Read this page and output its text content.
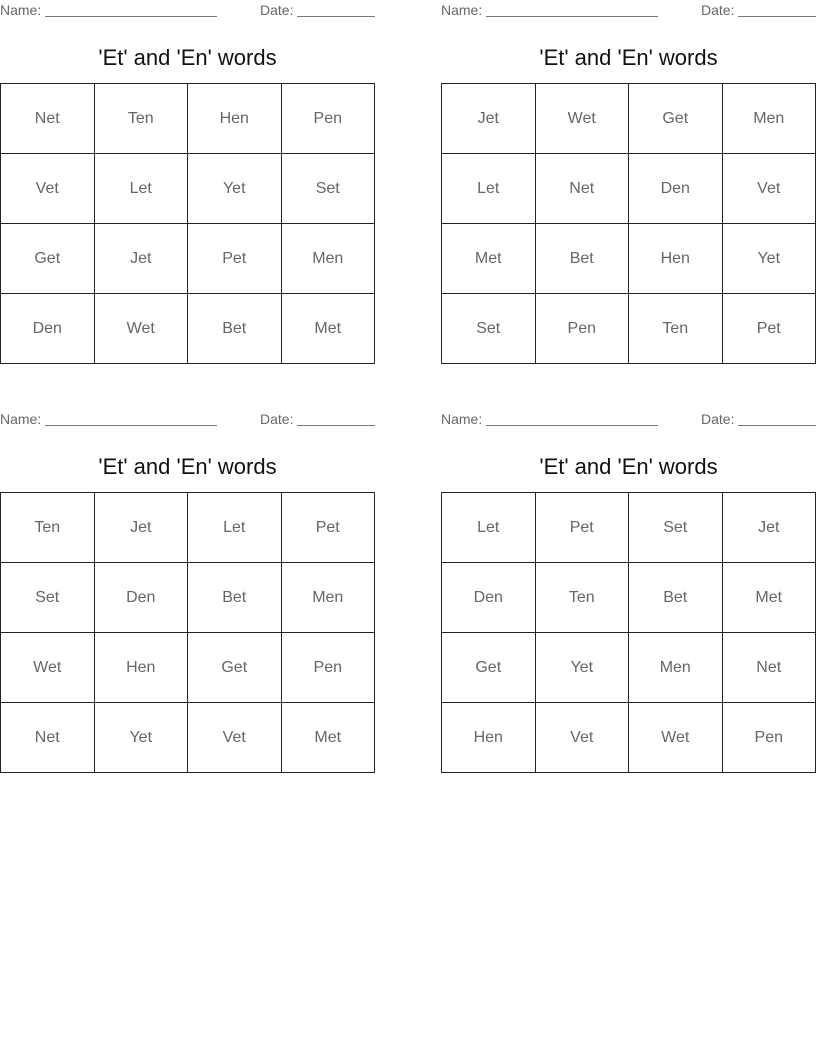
Name:	Date:
'Et' and 'En' words
Net	Ten	Hen	Pen
Vet	Let	Yet	Set
Get	Jet	Pet	Men
Den	Wet	Bet	Met
Name:	Date:
'Et' and 'En' words
Jet	Wet	Get	Men
Let	Net	Den	Vet
Met	Bet	Hen	Yet
Set	Pen	Ten	Pet
Name:	Date:
'Et' and 'En' words
Ten	Jet	Let	Pet
Set	Den	Bet	Men
Wet	Hen	Get	Pen
Net	Yet	Vet	Met
Name:	Date:
'Et' and 'En' words
Let	Pet	Set	Jet
Den	Ten	Bet	Met
Get	Yet	Men	Net
Hen	Vet	Wet	Pen
